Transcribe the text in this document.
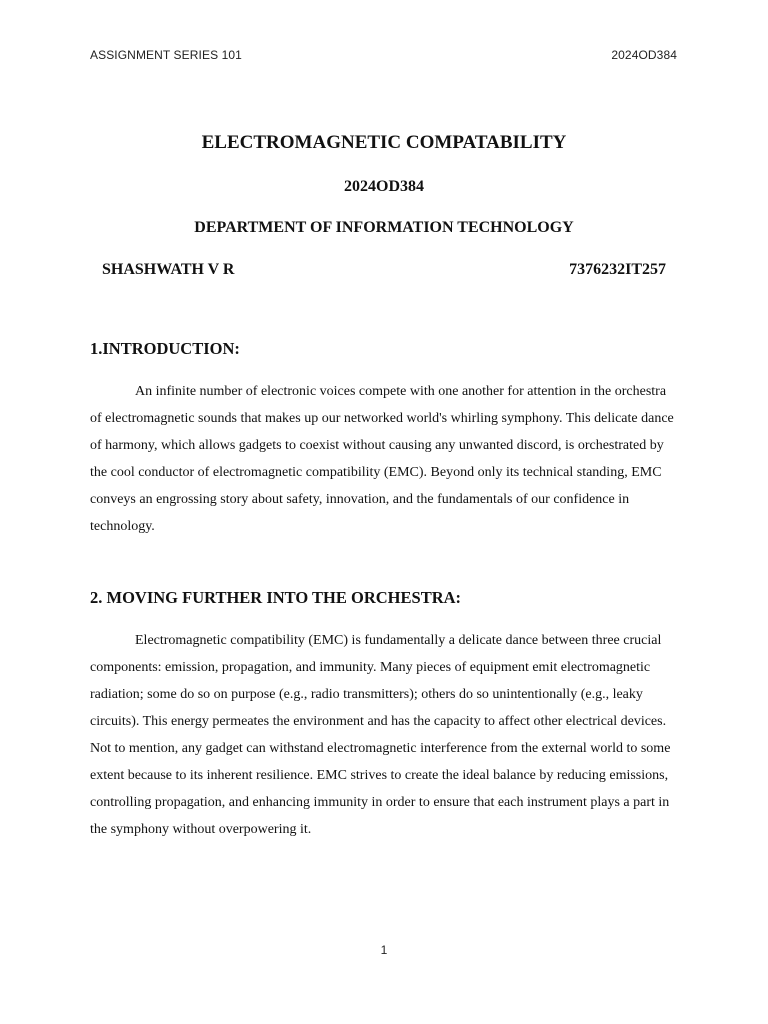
ASSIGNMENT SERIES 101	2024OD384
ELECTROMAGNETIC COMPATABILITY
2024OD384
DEPARTMENT OF INFORMATION TECHNOLOGY
SHASHWATH V R	7376232IT257
1.INTRODUCTION:

An infinite number of electronic voices compete with one another for attention in the orchestra of electromagnetic sounds that makes up our networked world's whirling symphony. This delicate dance of harmony, which allows gadgets to coexist without causing any unwanted discord, is orchestrated by the cool conductor of electromagnetic compatibility (EMC). Beyond only its technical standing, EMC conveys an engrossing story about safety, innovation, and the fundamentals of our confidence in technology.

2. MOVING FURTHER INTO THE ORCHESTRA:

Electromagnetic compatibility (EMC) is fundamentally a delicate dance between three crucial components: emission, propagation, and immunity. Many pieces of equipment emit electromagnetic radiation; some do so on purpose (e.g., radio transmitters); others do so unintentionally (e.g., leaky circuits). This energy permeates the environment and has the capacity to affect other electrical devices. Not to mention, any gadget can withstand electromagnetic interference from the external world to some extent because to its inherent resilience. EMC strives to create the ideal balance by reducing emissions, controlling propagation, and enhancing immunity in order to ensure that each instrument plays a part in the symphony without overpowering it.

1
